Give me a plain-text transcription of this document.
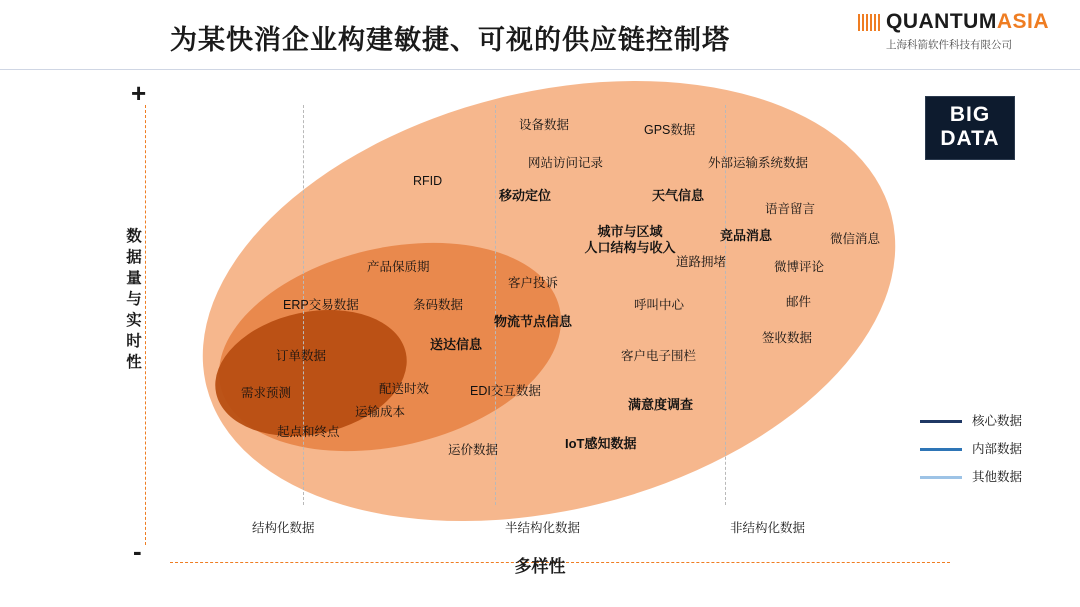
为某快消企业构建敏捷、可视的供应链控制塔
QUANTUMASIA
上海科箭软件科技有限公司
+
-
数据量与实时性
多样性
结构化数据	半结构化数据	非结构化数据
设备数据	GPS数据
网站访问记录	外部运输系统数据
RFID
移动定位	天气信息
语音留言
竞品消息	微信消息
城市与区域
人口结构与收入
道路拥堵	微博评论
产品保质期
客户投诉
ERP交易数据	条码数据	呼叫中心	邮件
物流节点信息
签收数据
送达信息
订单数据	客户电子围栏
配送时效	EDI交互数据
需求预测
满意度调查
运输成本
起点和终点
运价数据	IoT感知数据
BIG
DATA
核心数据
内部数据
其他数据
